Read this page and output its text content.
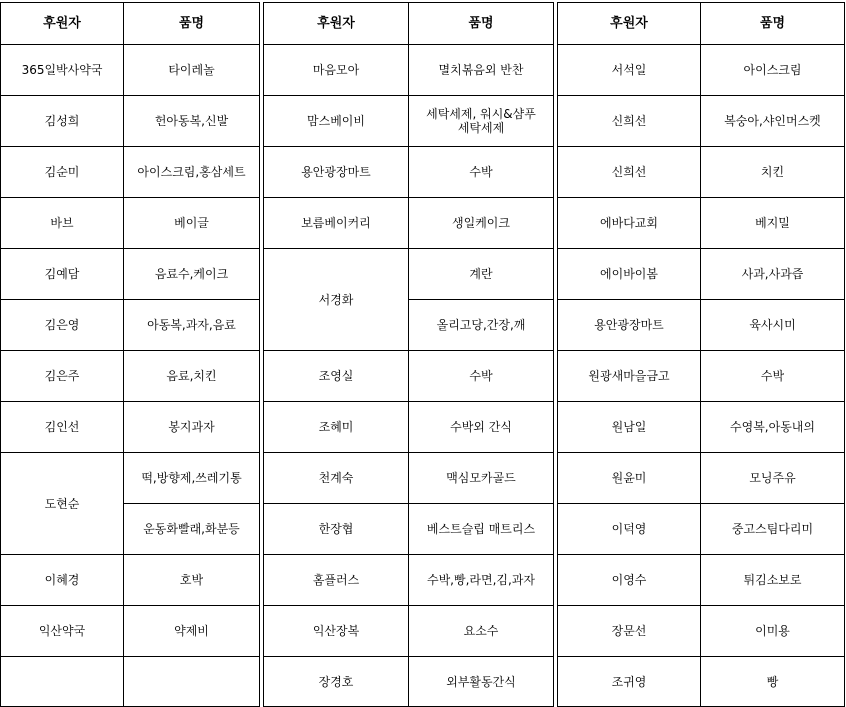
후원자	품명
365일박사약국	타이레놀
김성희	헌아동복,신발
김순미	아이스크림,홍삼세트
바브	베이글
김예담	음료수,케이크
김은영	아동복,과자,음료
김은주	음료,치킨
김인선	봉지과자
도현순	떡,방향제,쓰레기통
	운동화빨래,화분등
이혜경	호박
익산약국	약제비

후원자	품명
마음모아	멸치볶음외 반찬
맘스베이비	세탁세제, 워시&샴푸
세탁세제
용안광장마트	수박
보름베이커리	생일케이크
서경화	계란
	올리고당,간장,깨
조영실	수박
조혜미	수박외 간식
천계숙	맥심모카골드
한장협	베스트슬립 매트리스
홈플러스	수박,빵,라면,김,과자
익산장복	요소수
장경호	외부활동간식
후원자	품명
서석일	아이스크림
신희선	복숭아,샤인머스켓
신희선	치킨
에바다교회	베지밀
에이바이봄	사과,사과즙
용안광장마트	육사시미
원광새마을금고	수박
원남일	수영복,아동내의
원윤미	모닝주유
이덕영	중고스팀다리미
이영수	튀김소보로
장문선	이미용
조귀영	빵
